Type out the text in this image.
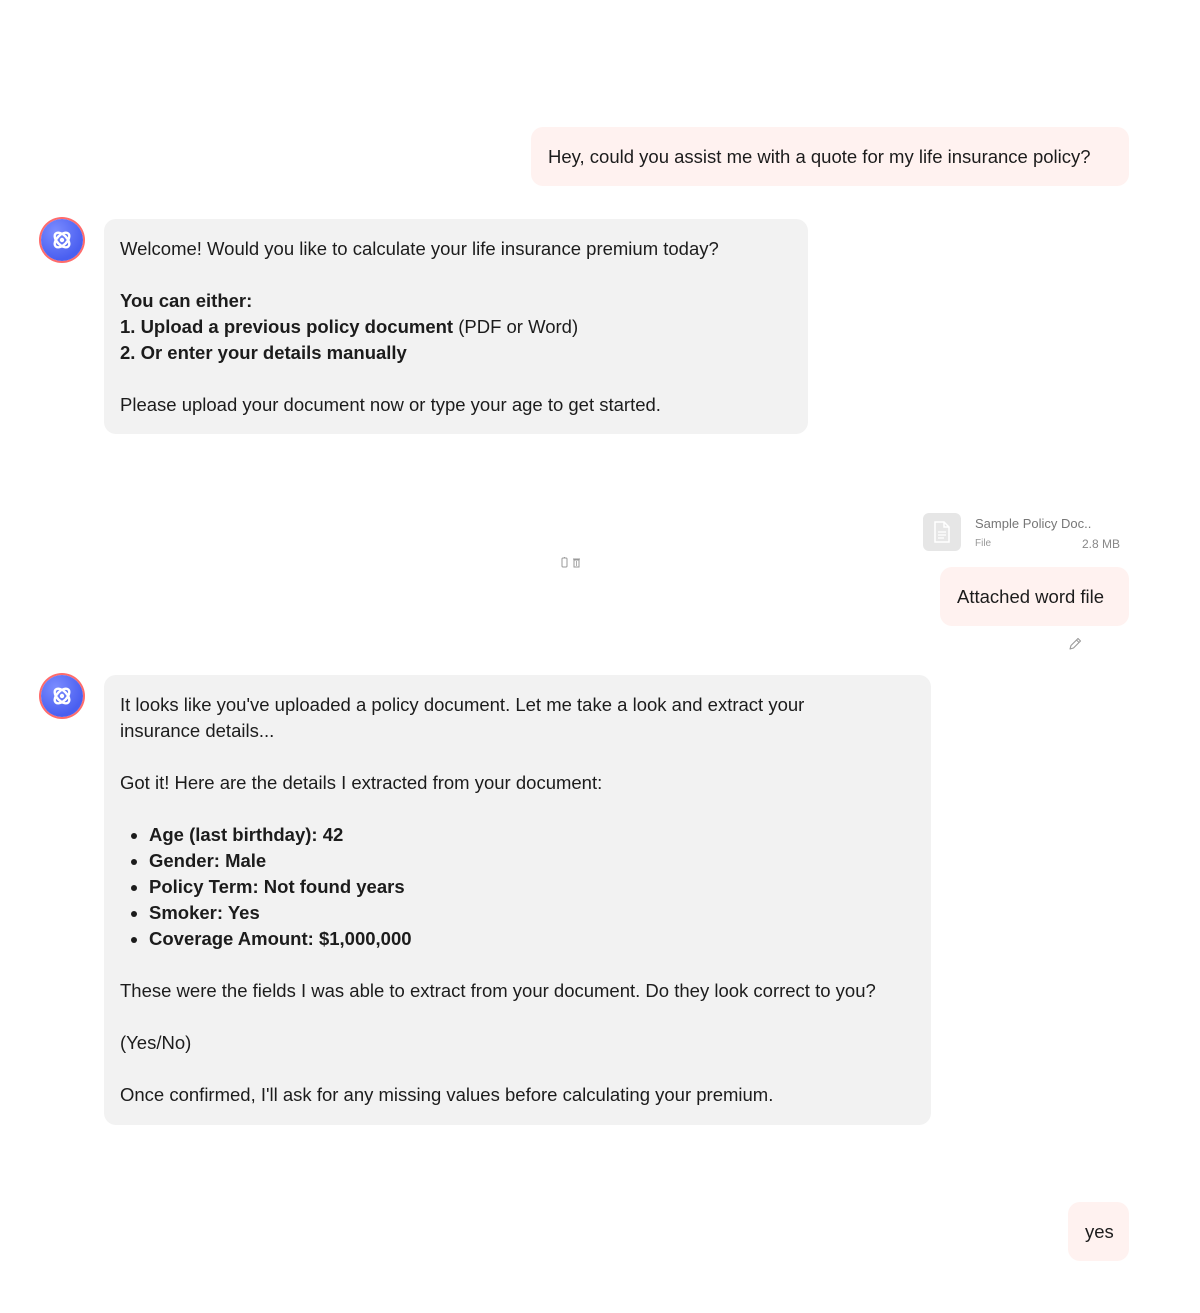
Hey, could you assist me with a quote for my life insurance policy?

Welcome! Would you like to calculate your life insurance premium today?

You can either:

1. Upload a previous policy document (PDF or Word)

2. Or enter your details manually

Please upload your document now or type your age to get started.

Sample Policy Doc..
File	2.8 MB
Attached word file

It looks like you've uploaded a policy document. Let me take a look and extract your insurance details...

Got it! Here are the details I extracted from your document:

• Age (last birthday): 42
• Gender: Male
• Policy Term: Not found years
• Smoker: Yes
• Coverage Amount: $1,000,000

These were the fields I was able to extract from your document. Do they look correct to you?

(Yes/No)

Once confirmed, I'll ask for any missing values before calculating your premium.

yes
